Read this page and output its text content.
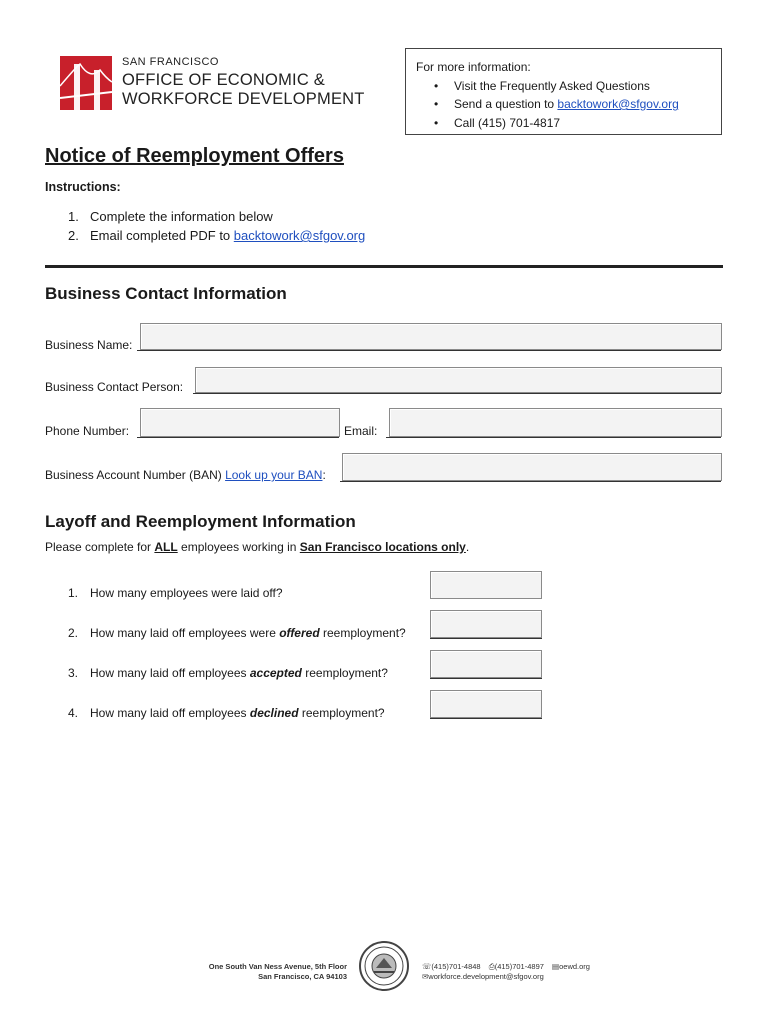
SAN FRANCISCO
OFFICE OF ECONOMIC &
WORKFORCE DEVELOPMENT
For more information:
• Visit the Frequently Asked Questions
• Send a question to backtowork@sfgov.org
• Call (415) 701-4817
Notice of Reemployment Offers
Instructions:
1. Complete the information below
2. Email completed PDF to backtowork@sfgov.org
Business Contact Information
Business Name:
Business Contact Person:
Phone Number:	Email:
Business Account Number (BAN) Look up your BAN:
Layoff and Reemployment Information
Please complete for ALL employees working in San Francisco locations only.
1. How many employees were laid off?
2. How many laid off employees were offered reemployment?
3. How many laid off employees accepted reemployment?
4. How many laid off employees declined reemployment?
One South Van Ness Avenue, 5th Floor
San Francisco, CA 94103
☏(415)701-4848 ⎙(415)701-4897 ▤oewd.org
✉workforce.development@sfgov.org
